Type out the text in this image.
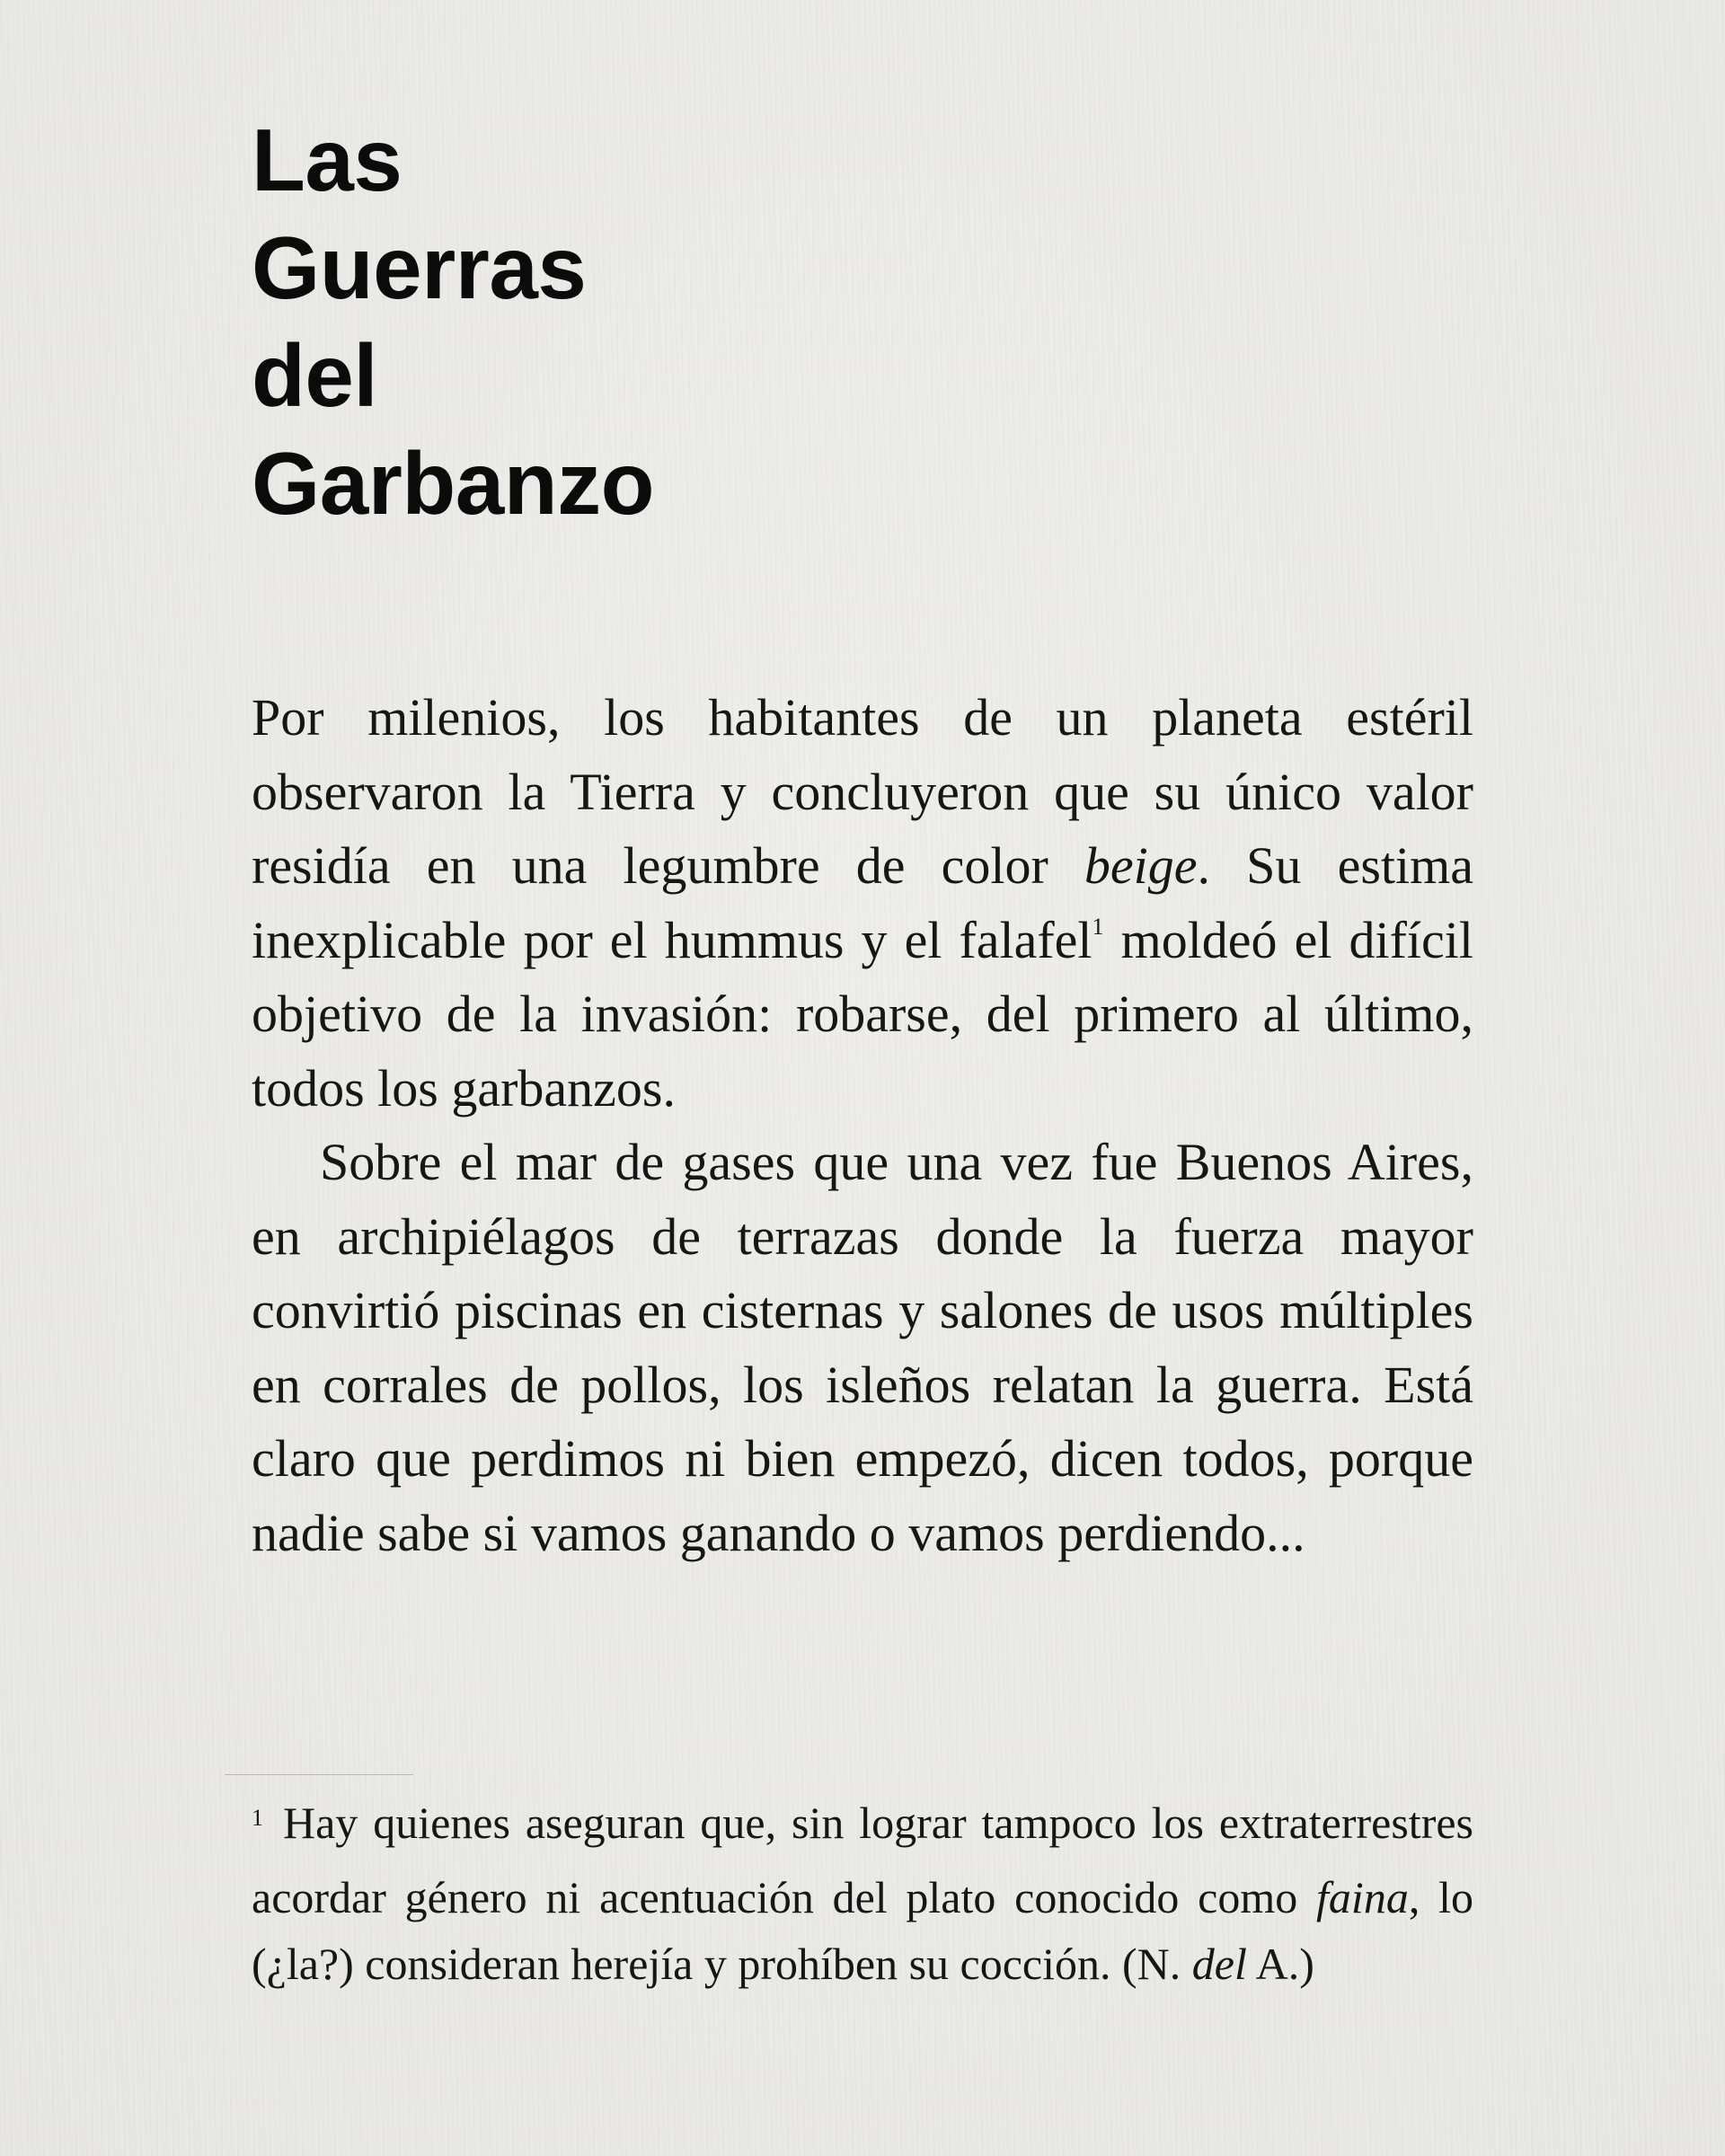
Las
Guerras
del
Garbanzo

Por milenios, los habitantes de un planeta estéril observaron la Tierra y concluyeron que su único valor residía en una legumbre de color beige. Su estima inexplicable por el hummus y el falafel$^1$ moldeó el difícil objetivo de la invasión: robarse, del primero al último, todos los garbanzos.

Sobre el mar de gases que una vez fue Buenos Aires, en archipiélagos de terrazas donde la fuerza mayor convirtió piscinas en cisternas y salones de usos múltiples en corrales de pollos, los isleños relatan la guerra. Está claro que perdimos ni bien empezó, dicen todos, porque nadie sabe si vamos ganando o vamos perdiendo...

$^1$ Hay quienes aseguran que, sin lograr tampoco los extraterrestres acordar género ni acentuación del plato conocido como faina, lo (¿la?) consideran herejía y prohíben su cocción. (N. del A.)
